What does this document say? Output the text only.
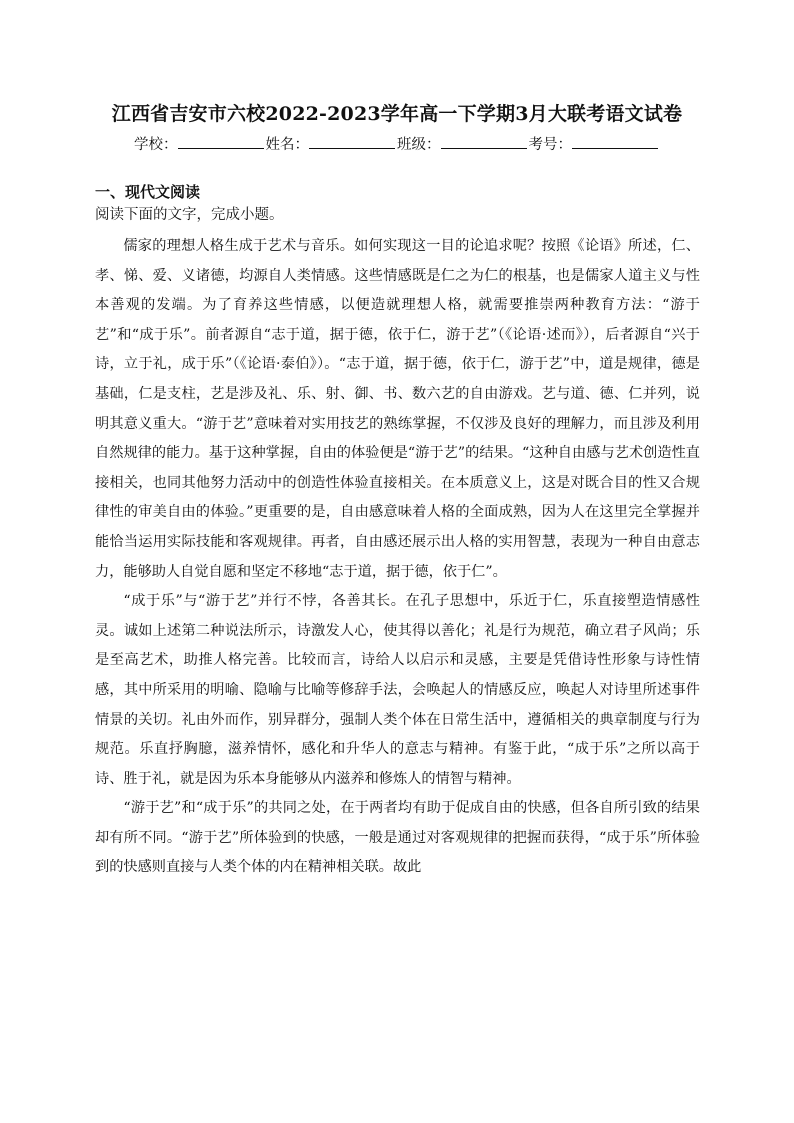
江西省吉安市六校2022-2023学年高一下学期3月大联考语文试卷
学校：	姓名：	班级：	考号：
一、现代文阅读
阅读下面的文字，完成小题。

儒家的理想人格生成于艺术与音乐。如何实现这一目的论追求呢？按照《论语》所述，仁、孝、悌、爱、义诸德，均源自人类情感。这些情感既是仁之为仁的根基，也是儒家人道主义与性本善观的发端。为了育养这些情感，以便造就理想人格，就需要推崇两种教育方法：“游于艺”和“成于乐”。前者源自“志于道，据于德，依于仁，游于艺”（《论语·述而》），后者源自“兴于诗，立于礼，成于乐”（《论语·泰伯》）。“志于道，据于德，依于仁，游于艺”中，道是规律，德是基础，仁是支柱，艺是涉及礼、乐、射、御、书、数六艺的自由游戏。艺与道、德、仁并列，说明其意义重大。“游于艺”意味着对实用技艺的熟练掌握，不仅涉及良好的理解力，而且涉及利用自然规律的能力。基于这种掌握，自由的体验便是“游于艺”的结果。“这种自由感与艺术创造性直接相关，也同其他努力活动中的创造性体验直接相关。在本质意义上，这是对既合目的性又合规律性的审美自由的体验。”更重要的是，自由感意味着人格的全面成熟，因为人在这里完全掌握并能恰当运用实际技能和客观规律。再者，自由感还展示出人格的实用智慧，表现为一种自由意志力，能够助人自觉自愿和坚定不移地“志于道，据于德，依于仁”。

“成于乐”与“游于艺”并行不悖，各善其长。在孔子思想中，乐近于仁，乐直接塑造情感性灵。诚如上述第二种说法所示，诗激发人心，使其得以善化；礼是行为规范，确立君子风尚；乐是至高艺术，助推人格完善。比较而言，诗给人以启示和灵感，主要是凭借诗性形象与诗性情感，其中所采用的明喻、隐喻与比喻等修辞手法，会唤起人的情感反应，唤起人对诗里所述事件情景的关切。礼由外而作，别异群分，强制人类个体在日常生活中，遵循相关的典章制度与行为规范。乐直抒胸臆，滋养情怀，感化和升华人的意志与精神。有鉴于此，“成于乐”之所以高于诗、胜于礼，就是因为乐本身能够从内滋养和修炼人的情智与精神。

“游于艺”和“成于乐”的共同之处，在于两者均有助于促成自由的快感，但各自所引致的结果却有所不同。“游于艺”所体验到的快感，一般是通过对客观规律的把握而获得，“成于乐”所体验到的快感则直接与人类个体的内在精神相关联。故此
